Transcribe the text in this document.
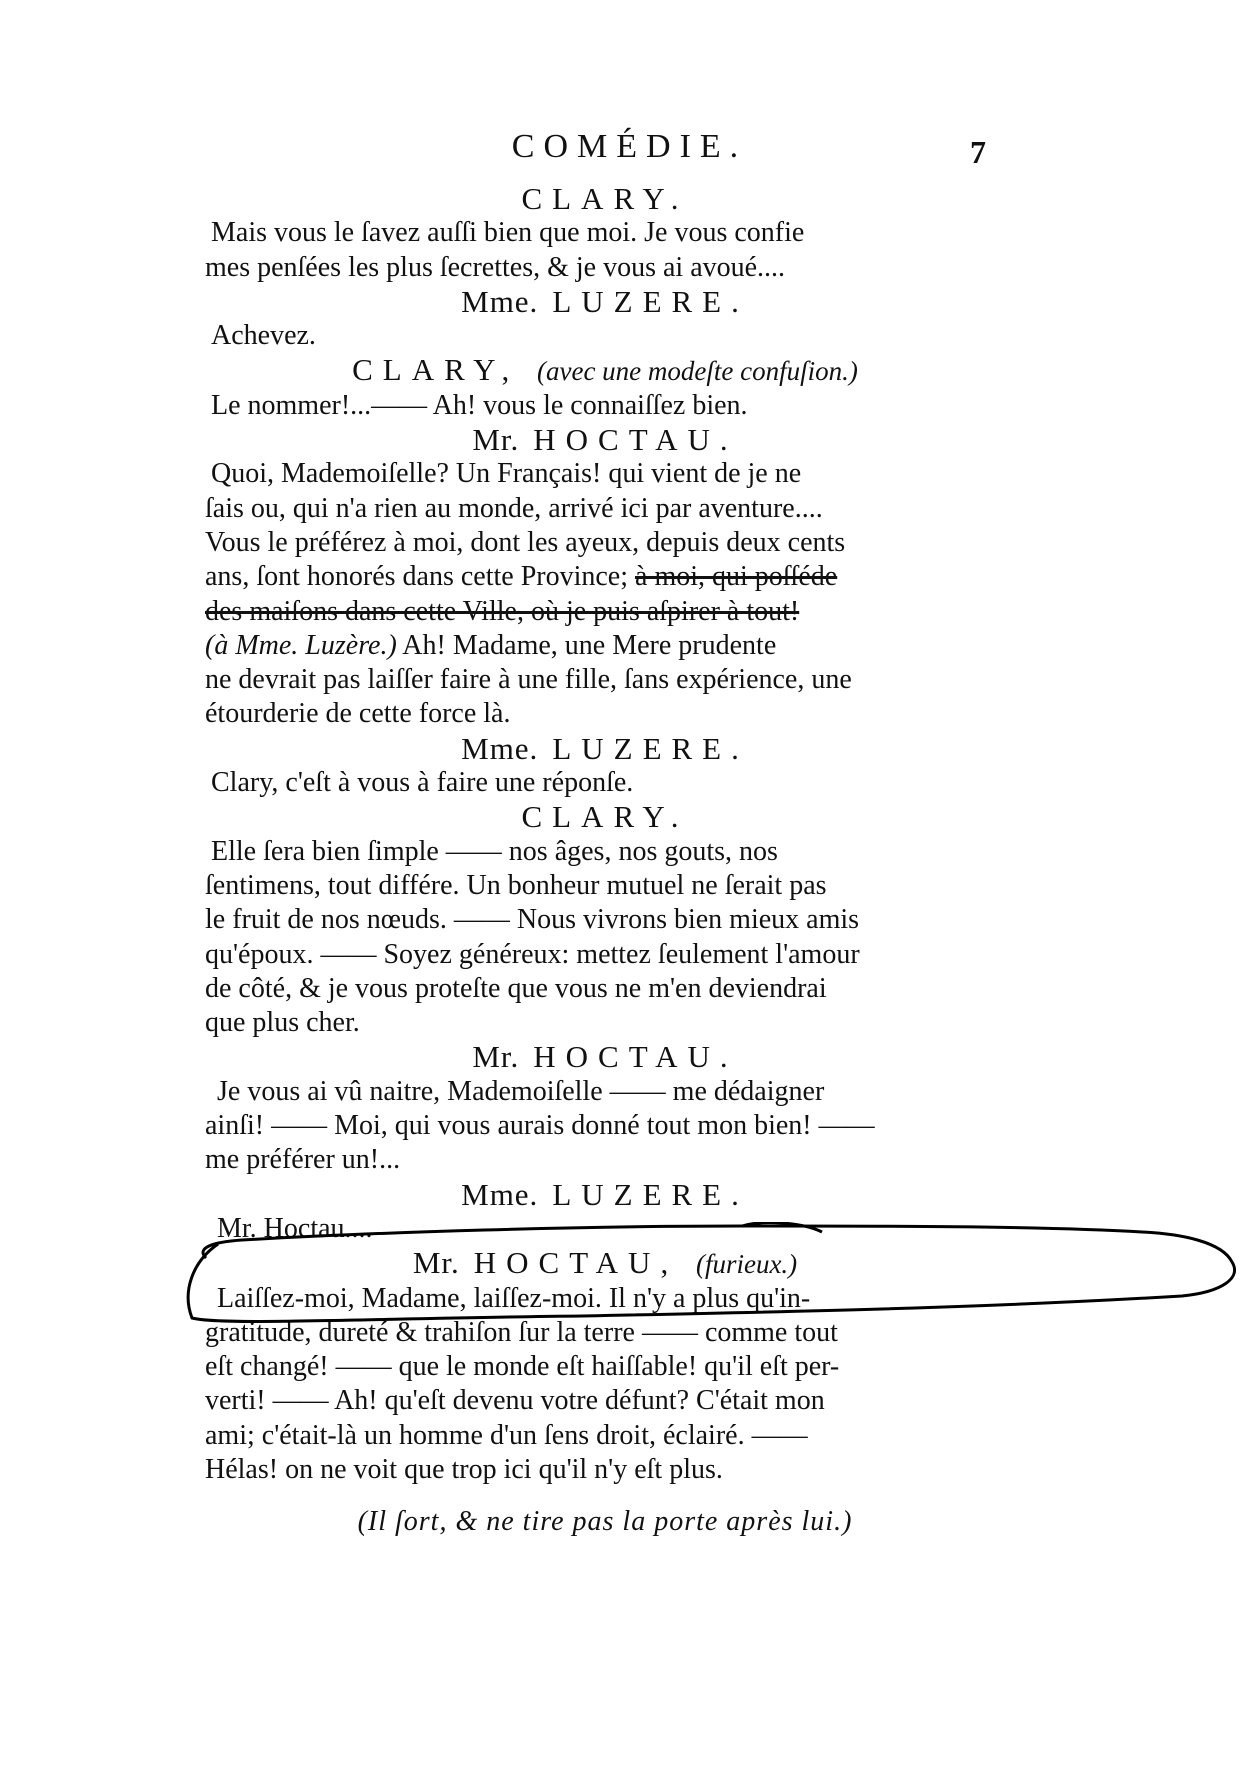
COMÉDIE.	7
CLARY.
Mais vous le ſavez auſſi bien que moi. Je vous confie
mes penſées les plus ſecrettes, & je vous ai avoué....
Mme. LUZERE.
Achevez.
CLARY, (avec une modeſte confuſion.)
Le nommer!...—— Ah! vous le connaiſſez bien.
Mr. HOCTAU.
Quoi, Mademoiſelle? Un Français! qui vient de je ne
ſais ou, qui n'a rien au monde, arrivé ici par aventure....
Vous le préférez à moi, dont les ayeux, depuis deux cents
ans, ſont honorés dans cette Province; à moi, qui poſſéde
des maiſons dans cette Ville, où je puis aſpirer à tout!
(à Mme. Luzère.) Ah! Madame, une Mere prudente
ne devrait pas laiſſer faire à une fille, ſans expérience, une
étourderie de cette force là.
Mme. LUZERE.
Clary, c'eſt à vous à faire une réponſe.
CLARY.
Elle ſera bien ſimple —— nos âges, nos gouts, nos
ſentimens, tout différe. Un bonheur mutuel ne ſerait pas
le fruit de nos nœuds. —— Nous vivrons bien mieux amis
qu'époux. —— Soyez généreux: mettez ſeulement l'amour
de côté, & je vous proteſte que vous ne m'en deviendrai
que plus cher.
Mr. HOCTAU.
Je vous ai vû naitre, Mademoiſelle —— me dédaigner
ainſi! —— Moi, qui vous aurais donné tout mon bien! ——
me préférer un!...
Mme. LUZERE.
Mr. Hoctau....
Mr. HOCTAU, (furieux.)
Laiſſez-moi, Madame, laiſſez-moi. Il n'y a plus qu'in-
gratitude, dureté & trahiſon ſur la terre —— comme tout
eſt changé! —— que le monde eſt haiſſable! qu'il eſt per-
verti! —— Ah! qu'eſt devenu votre défunt? C'était mon
ami; c'était-là un homme d'un ſens droit, éclairé. ——
Hélas! on ne voit que trop ici qu'il n'y eſt plus.
(Il ſort, & ne tire pas la porte après lui.)
